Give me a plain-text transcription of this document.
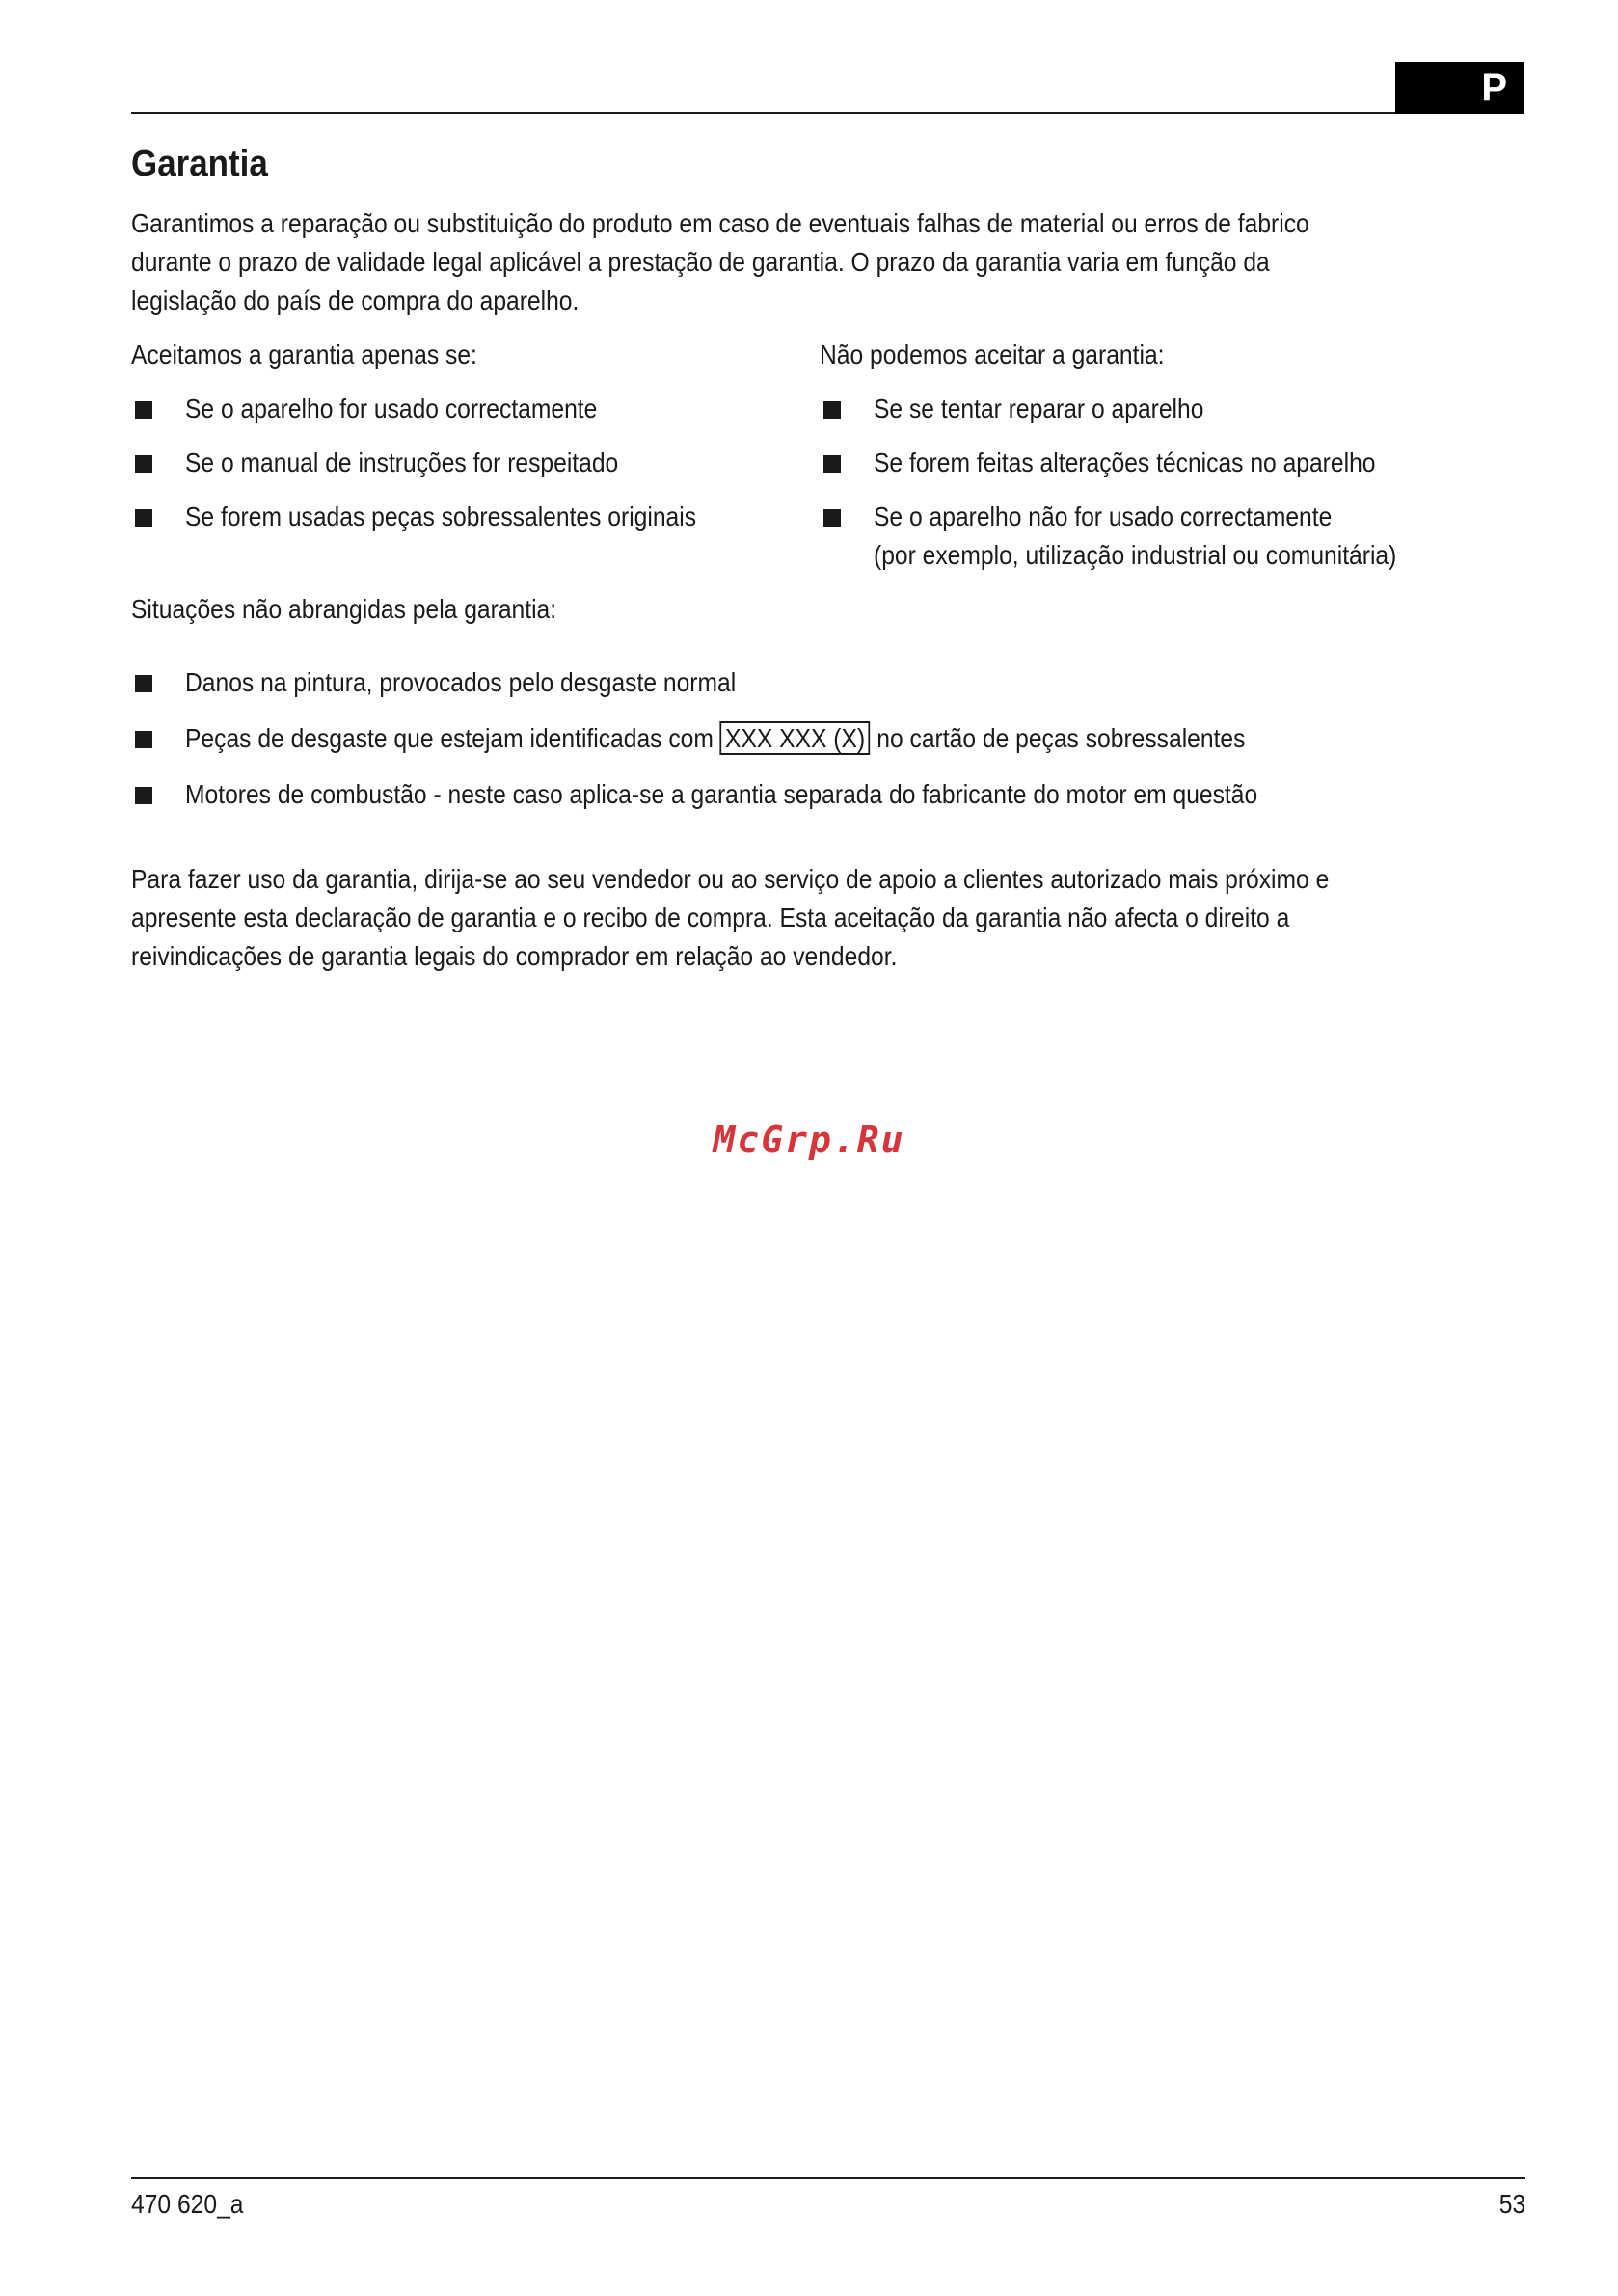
P
Garantia

Garantimos a reparação ou substituição do produto em caso de eventuais falhas de material ou erros de fabrico durante o prazo de validade legal aplicável a prestação de garantia. O prazo da garantia varia em função da legislação do país de compra do aparelho.

Aceitamos a garantia apenas se:

Se o aparelho for usado correctamente
Se o manual de instruções for respeitado
Se forem usadas peças sobressalentes originais

Não podemos aceitar a garantia:

Se se tentar reparar o aparelho
Se forem feitas alterações técnicas no aparelho
Se o aparelho não for usado correctamente
(por exemplo, utilização industrial ou comunitária)

Situações não abrangidas pela garantia:

Danos na pintura, provocados pelo desgaste normal
Peças de desgaste que estejam identificadas com XXX XXX (X) no cartão de peças sobressalentes
Motores de combustão - neste caso aplica-se a garantia separada do fabricante do motor em questão

Para fazer uso da garantia, dirija-se ao seu vendedor ou ao serviço de apoio a clientes autorizado mais próximo e apresente esta declaração de garantia e o recibo de compra. Esta aceitação da garantia não afecta o direito a reivindicações de garantia legais do comprador em relação ao vendedor.

McGrp.Ru
470 620_a	53
